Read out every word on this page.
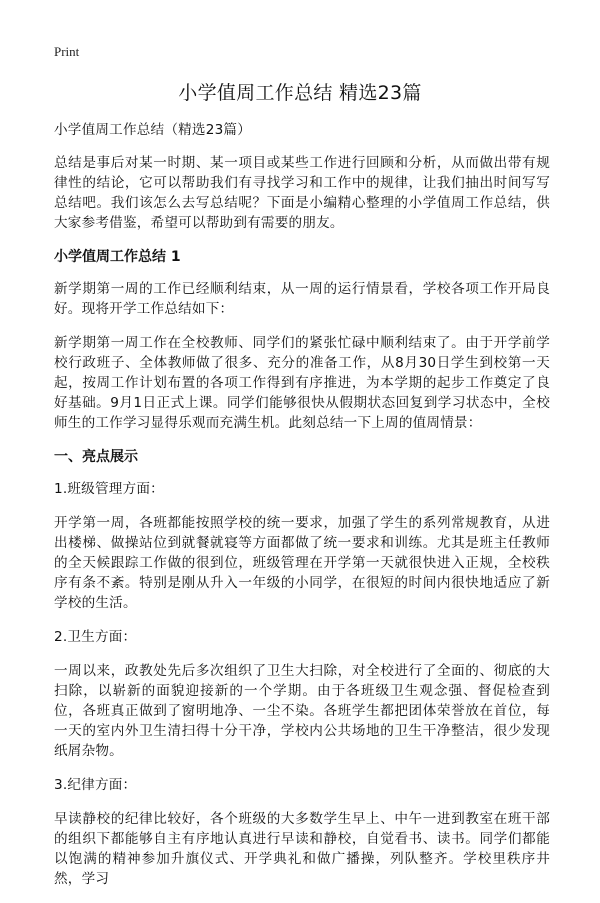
Print
小学值周工作总结 精选23篇

小学值周工作总结（精选23篇）

总结是事后对某一时期、某一项目或某些工作进行回顾和分析，从而做出带有规律性的结论，它可以帮助我们有寻找学习和工作中的规律，让我们抽出时间写写总结吧。我们该怎么去写总结呢？下面是小编精心整理的小学值周工作总结，供大家参考借鉴，希望可以帮助到有需要的朋友。

小学值周工作总结 1

新学期第一周的工作已经顺利结束，从一周的运行情景看，学校各项工作开局良好。现将开学工作总结如下：

新学期第一周工作在全校教师、同学们的紧张忙碌中顺利结束了。由于开学前学校行政班子、全体教师做了很多、充分的准备工作，从8月30日学生到校第一天起，按周工作计划布置的各项工作得到有序推进，为本学期的起步工作奠定了良好基础。9月1日正式上课。同学们能够很快从假期状态回复到学习状态中，全校师生的工作学习显得乐观而充满生机。此刻总结一下上周的值周情景：

一、亮点展示

1.班级管理方面：

开学第一周，各班都能按照学校的统一要求，加强了学生的系列常规教育，从进出楼梯、做操站位到就餐就寝等方面都做了统一要求和训练。尤其是班主任教师的全天候跟踪工作做的很到位，班级管理在开学第一天就很快进入正规，全校秩序有条不紊。特别是刚从升入一年级的小同学，在很短的时间内很快地适应了新学校的生活。

2.卫生方面：

一周以来，政教处先后多次组织了卫生大扫除，对全校进行了全面的、彻底的大扫除，以崭新的面貌迎接新的一个学期。由于各班级卫生观念强、督促检查到位，各班真正做到了窗明地净、一尘不染。各班学生都把团体荣誉放在首位，每一天的室内外卫生清扫得十分干净，学校内公共场地的卫生干净整洁，很少发现纸屑杂物。

3.纪律方面：

早读静校的纪律比较好，各个班级的大多数学生早上、中午一进到教室在班干部的组织下都能够自主有序地认真进行早读和静校，自觉看书、读书。同学们都能以饱满的精神参加升旗仪式、开学典礼和做广播操，列队整齐。学校里秩序井然，学习
